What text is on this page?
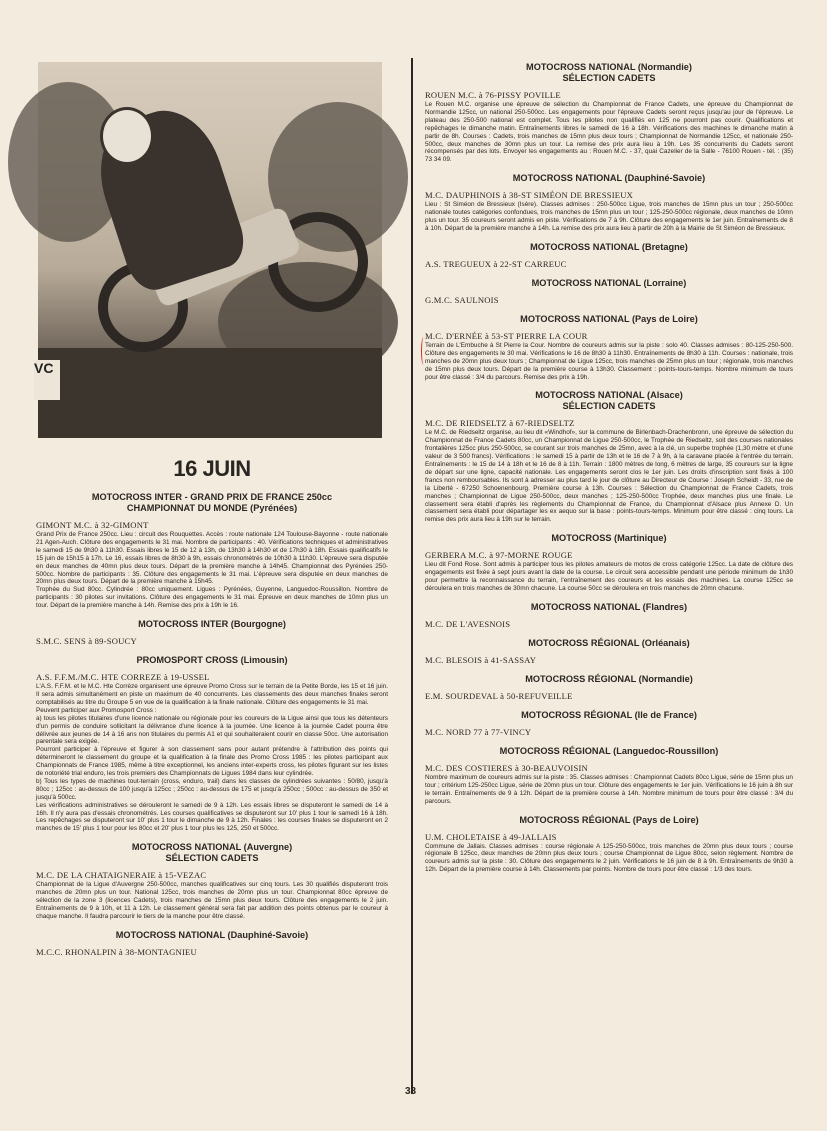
VC
16 JUIN
MOTOCROSS INTER - GRAND PRIX DE FRANCE 250cc
CHAMPIONNAT DU MONDE (Pyrénées)
GIMONT M.C. à 32-GIMONT

Grand Prix de France 250cc. Lieu : circuit des Rouquettes. Accès : route nationale 124 Toulouse-Bayonne - route nationale 21 Agen-Auch. Clôture des engagements le 31 mai. Nombre de participants : 40. Vérifications techniques et administratives le samedi 15 de 9h30 à 11h30. Essais libres le 15 de 12 à 13h, de 13h30 à 14h30 et de 17h30 à 18h. Essais qualificatifs le 15 juin de 15h15 à 17h. Le 16, essais libres de 8h30 à 9h, essais chronométrés de 10h30 à 11h30. L'épreuve sera disputée en deux manches de 40mn plus deux tours. Départ de la première manche à 14h45. Championnat des Pyrénées 250-500cc. Nombre de participants : 35. Clôture des engagements le 31 mai. L'épreuve sera disputée en deux manches de 20mn plus deux tours. Départ de la première manche à 15h45.

Trophée du Sud 80cc. Cylindrée : 80cc uniquement. Ligues : Pyrénées, Guyenne, Languedoc-Roussillon. Nombre de participants : 30 pilotes sur invitations. Clôture des engagements le 31 mai. Épreuve en deux manches de 10mn plus un tour. Départ de la première manche à 14h. Remise des prix à 19h le 16.

MOTOCROSS INTER (Bourgogne)
S.M.C. SENS à 89-SOUCY
PROMOSPORT CROSS (Limousin)
A.S. F.F.M./M.C. HTE CORREZE à 19-USSEL

L'A.S. F.F.M. et le M.C. Hte Corrèze organisent une épreuve Promo Cross sur le terrain de la Petite Borde, les 15 et 16 juin. Il sera admis simultanément en piste un maximum de 40 concurrents. Les classements des deux manches finales seront comptabilisés au titre du Groupe 5 en vue de la qualification à la finale nationale. Clôture des engagements le 31 mai.

Peuvent participer aux Promosport Cross :

a) tous les pilotes titulaires d'une licence nationale ou régionale pour les coureurs de la Ligue ainsi que tous les détenteurs d'un permis de conduire sollicitant la délivrance d'une licence à la journée. Une licence à la journée Cadet pourra être délivrée aux jeunes de 14 à 16 ans non titulaires du permis A1 et qui souhaiteraient courir en classe 50cc. Une autorisation parentale sera exigée.

Pourront participer à l'épreuve et figurer à son classement sans pour autant prétendre à l'attribution des points qui détermineront le classement du groupe et la qualification à la finale des Promo Cross 1985 : les pilotes participant aux Championnats de France 1985, même à titre exceptionnel, les anciens inter-experts cross, les pilotes figurant sur les listes de notoriété trial enduro, les trois premiers des Championnats de Ligues 1984 dans leur cylindrée.

b) Tous les types de machines tout-terrain (cross, enduro, trail) dans les classes de cylindrées suivantes : 50/80, jusqu'à 80cc ; 125cc : au-dessus de 100 jusqu'à 125cc ; 250cc : au-dessus de 175 et jusqu'à 250cc ; 500cc : au-dessus de 350 et jusqu'à 500cc.

Les vérifications administratives se dérouleront le samedi de 9 à 12h. Les essais libres se disputeront le samedi de 14 à 16h. Il n'y aura pas d'essais chronométrés. Les courses qualificatives se disputeront sur 10' plus 1 tour le samedi 16 à 18h. Les repêchages se disputeront sur 10' plus 1 tour le dimanche de 9 à 12h. Finales : les courses finales se disputeront en 2 manches de 15' plus 1 tour pour les 80cc et 20' plus 1 tour plus les 125, 250 et 500cc.

MOTOCROSS NATIONAL (Auvergne)
SÉLECTION CADETS
M.C. DE LA CHATAIGNERAIE à 15-VEZAC

Championnat de la Ligue d'Auvergne 250-500cc, manches qualificatives sur cinq tours. Les 30 qualifiés disputeront trois manches de 20mn plus un tour. National 125cc, trois manches de 20mn plus un tour. Championnat 80cc épreuve de sélection de la zone 3 (licences Cadets), trois manches de 15mn plus deux tours. Clôture des engagements le 2 juin. Entraînements de 9 à 10h, et 11 à 12h. Le classement général sera fait par addition des points obtenus par le coureur à chaque manche. Il faudra parcourir le tiers de la manche pour être classé.

MOTOCROSS NATIONAL (Dauphiné-Savoie)
M.C.C. RHONALPIN à 38-MONTAGNIEU
MOTOCROSS NATIONAL (Normandie)
SÉLECTION CADETS
ROUEN M.C. à 76-PISSY POVILLE

Le Rouen M.C. organise une épreuve de sélection du Championnat de France Cadets, une épreuve du Championnat de Normandie 125cc, un national 250-500cc. Les engagements pour l'épreuve Cadets seront reçus jusqu'au jour de l'épreuve. Le plateau des 250-500 national est complet. Tous les pilotes non qualifiés en 125 ne pourront pas courir. Qualifications et repêchages le dimanche matin. Entraînements libres le samedi de 16 à 18h. Vérifications des machines le dimanche matin à partir de 8h. Courses : Cadets, trois manches de 15mn plus deux tours ; Championnat de Normandie 125cc, et nationale 250-500cc, deux manches de 30mn plus un tour. La remise des prix aura lieu à 19h. Les 35 concurrents du Cadets seront récompensés par des lots. Envoyer les engagements au : Rouen M.C. - 37, quai Cazelier de la Salle - 76100 Rouen - tél. : (35) 73 34 09.

MOTOCROSS NATIONAL (Dauphiné-Savoie)
M.C. DAUPHINOIS à 38-ST SIMÉON DE BRESSIEUX

Lieu : St Siméon de Bressieux (Isère). Classes admises : 250-500cc Ligue, trois manches de 15mn plus un tour ; 250-500cc nationale toutes catégories confondues, trois manches de 15mn plus un tour ; 125-250-500cc régionale, deux manches de 10mn plus un tour. 35 coureurs seront admis en piste. Vérifications de 7 à 9h. Clôture des engagements le 1er juin. Entraînements de 8 à 10h. Départ de la première manche à 14h. La remise des prix aura lieu à partir de 20h à la Mairie de St Siméon de Bressieux.

MOTOCROSS NATIONAL (Bretagne)
A.S. TREGUEUX à 22-ST CARREUC
MOTOCROSS NATIONAL (Lorraine)
G.M.C. SAULNOIS
MOTOCROSS NATIONAL (Pays de Loire)
M.C. D'ERNÉE à 53-ST PIERRE LA COUR

Terrain de L'Embuche à St Pierre la Cour. Nombre de coureurs admis sur la piste : solo 40. Classes admises : 80-125-250-500. Clôture des engagements le 30 mai. Vérifications le 16 de 8h30 à 11h30. Entraînements de 8h30 à 11h. Courses : nationale, trois manches de 20mn plus deux tours ; Championnat de Ligue 125cc, trois manches de 25mn plus un tour ; régionale, trois manches de 15mn plus deux tours. Départ de la première course à 13h30. Classement : points-tours-temps. Nombre minimum de tours pour être classé : 3/4 du parcours. Remise des prix à 19h.

MOTOCROSS NATIONAL (Alsace)
SÉLECTION CADETS
M.C. DE RIEDSELTZ à 67-RIEDSELTZ

Le M.C. de Riedseltz organise, au lieu dit «Windhof», sur la commune de Birlenbach-Drachenbronn, une épreuve de sélection du Championnat de France Cadets 80cc, un Championnat de Ligue 250-500cc, le Trophée de Riedseltz, soit des courses nationales frontalières 125cc plus 250-500cc, se courant sur trois manches de 25mn, avec à la clé, un superbe trophée (1,30 mètre et d'une valeur de 3 500 francs). Vérifications : le samedi 15 à partir de 13h et le 16 de 7 à 9h, à la caravane placée à l'entrée du terrain. Entraînements : le 15 de 14 à 18h et le 16 de 8 à 11h. Terrain : 1800 mètres de long, 6 mètres de large, 35 coureurs sur la ligne de départ sur une ligne, capacité nationale. Les engagements seront clos le 1er juin. Les droits d'inscription sont fixés à 100 francs non remboursables. Ils sont à adresser au plus tard le jour de clôture au Directeur de Course : Joseph Scheidt - 33, rue de la Liberté - 67250 Schoenenbourg. Première course à 13h. Courses : Sélection du Championnat de France Cadets, trois manches ; Championnat de Ligue 250-500cc, deux manches ; 125-250-500cc Trophée, deux manches plus une finale. Le classement sera établi d'après les règlements du Championnat de France, du Championnat d'Alsace plus Annexe D. Un classement sera établi pour départager les ex aequo sur la base : points-tours-temps. Minimum pour être classé : cinq tours. La remise des prix aura lieu à 19h sur le terrain.

MOTOCROSS (Martinique)
GERBERA M.C. à 97-MORNE ROUGE

Lieu dit Fond Rose. Sont admis à participer tous les pilotes amateurs de motos de cross catégorie 125cc. La date de clôture des engagements est fixée à sept jours avant la date de la course. Le circuit sera accessible pendant une période minimum de 1h30 pour permettre la reconnaissance du terrain, l'entraînement des coureurs et les essais des machines. La course 125cc se déroulera en trois manches de 30mn chacune. La course 50cc se déroulera en trois manches de 20mn chacune.

MOTOCROSS NATIONAL (Flandres)
M.C. DE L'AVESNOIS
MOTOCROSS RÉGIONAL (Orléanais)
M.C. BLESOIS à 41-SASSAY
MOTOCROSS RÉGIONAL (Normandie)
E.M. SOURDEVAL à 50-REFUVEILLE
MOTOCROSS RÉGIONAL (Ile de France)
M.C. NORD 77 à 77-VINCY
MOTOCROSS RÉGIONAL (Languedoc-Roussillon)
M.C. DES COSTIERES à 30-BEAUVOISIN

Nombre maximum de coureurs admis sur la piste : 35. Classes admises : Championnat Cadets 80cc Ligue, série de 15mn plus un tour ; critérium 125-250cc Ligue, série de 20mn plus un tour. Clôture des engagements le 1er juin. Vérifications le 16 juin à 8h sur le terrain. Entraînements de 9 à 12h. Départ de la première course à 14h. Nombre minimum de tours pour être classé : 3/4 du parcours.

MOTOCROSS RÉGIONAL (Pays de Loire)
U.M. CHOLETAISE à 49-JALLAIS

Commune de Jallais. Classes admises : course régionale A 125-250-500cc, trois manches de 20mn plus deux tours ; course régionale B 125cc, deux manches de 20mn plus deux tours ; course Championnat de Ligue 80cc, selon règlement. Nombre de coureurs admis sur la piste : 30. Clôture des engagements le 2 juin. Vérifications le 16 juin de 8 à 9h. Entraînements de 9h30 à 12h. Départ de la première course à 14h. Classements par points. Nombre de tours pour être classé : 1/3 des tours.

33
